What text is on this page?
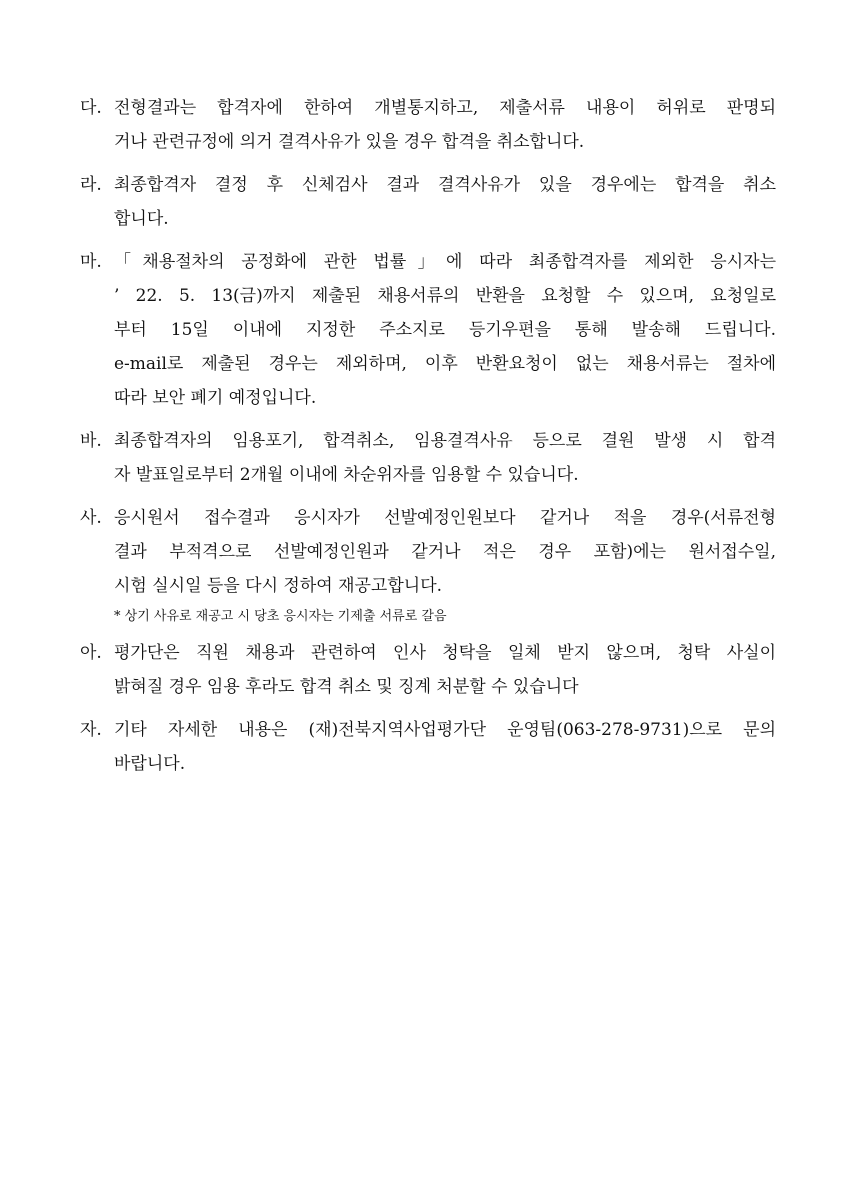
다. 전형결과는 합격자에 한하여 개별통지하고, 제출서류 내용이 허위로 판명되
거나 관련규정에 의거 결격사유가 있을 경우 합격을 취소합니다.
라. 최종합격자 결정 후 신체검사 결과 결격사유가 있을 경우에는 합격을 취소
합니다.
마. 「채용절차의 공정화에 관한 법률」에 따라 최종합격자를 제외한 응시자는
’ 22. 5. 13(금)까지 제출된 채용서류의 반환을 요청할 수 있으며, 요청일로
부터 15일 이내에 지정한 주소지로 등기우편을 통해 발송해 드립니다.
e-mail로 제출된 경우는 제외하며, 이후 반환요청이 없는 채용서류는 절차에
따라 보안 폐기 예정입니다.
바. 최종합격자의 임용포기, 합격취소, 임용결격사유 등으로 결원 발생 시 합격
자 발표일로부터 2개월 이내에 차순위자를 임용할 수 있습니다.
사. 응시원서 접수결과 응시자가 선발예정인원보다 같거나 적을 경우(서류전형
결과 부적격으로 선발예정인원과 같거나 적은 경우 포함)에는 원서접수일,
시험 실시일 등을 다시 정하여 재공고합니다.
* 상기 사유로 재공고 시 당초 응시자는 기제출 서류로 갈음
아. 평가단은 직원 채용과 관련하여 인사 청탁을 일체 받지 않으며, 청탁 사실이
밝혀질 경우 임용 후라도 합격 취소 및 징계 처분할 수 있습니다
자. 기타 자세한 내용은 (재)전북지역사업평가단 운영팀(063-278-9731)으로 문의
바랍니다.
